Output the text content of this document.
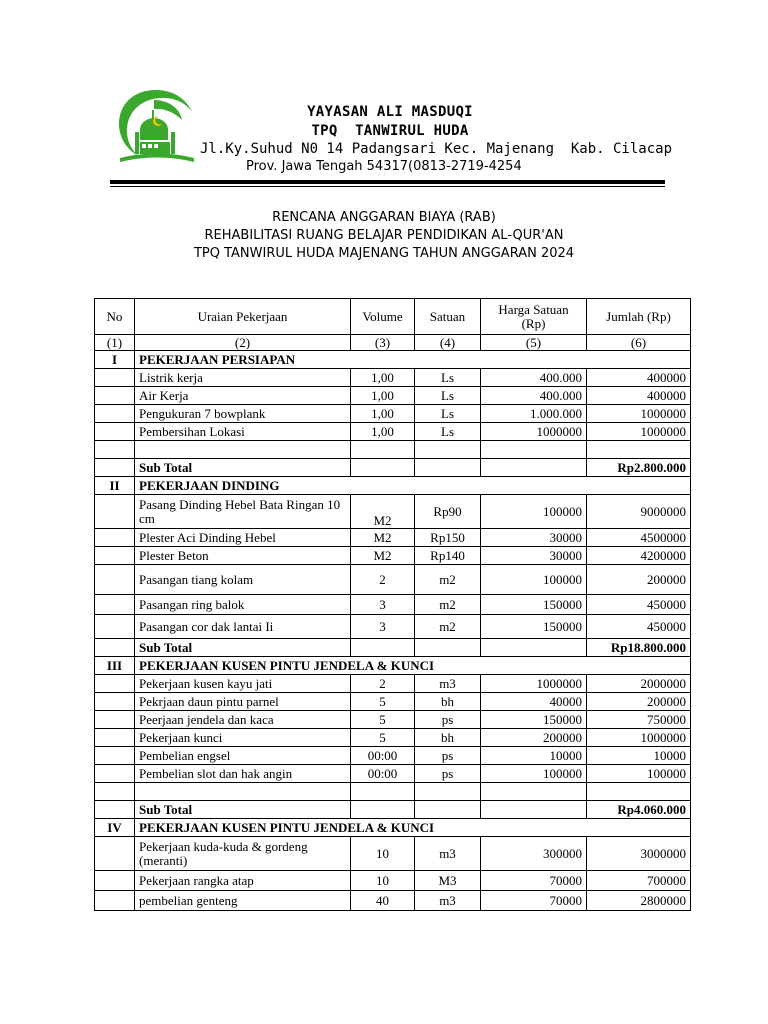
YAYASAN ALI MASDUQI
TPQ  TANWIRUL HUDA
Jl.Ky.Suhud N0 14 Padangsari Kec. Majenang  Kab. Cilacap
Prov. Jawa Tengah 54317(0813-2719-4254
RENCANA ANGGARAN BIAYA (RAB)
REHABILITASI RUANG BELAJAR PENDIDIKAN AL-QUR'AN
TPQ TANWIRUL HUDA MAJENANG TAHUN ANGGARAN 2024
No	Uraian Pekerjaan	Volume	Satuan	Harga Satuan (Rp)	Jumlah (Rp)
(1)	(2)	(3)	(4)	(5)	(6)
I	PEKERJAAN PERSIAPAN				
	Listrik kerja	1,00	Ls	400.000	400000
	Air Kerja	1,00	Ls	400.000	400000
	Pengukuran 7 bowplank	1,00	Ls	1.000.000	1000000
	Pembersihan Lokasi	1,00	Ls	1000000	1000000

	Sub Total				Rp2.800.000
II	PEKERJAAN DINDING				
	Pasang Dinding Hebel Bata Ringan 10 cm	M2	Rp90	100000	9000000
	Plester Aci Dinding Hebel	M2	Rp150	30000	4500000
	Plester Beton	M2	Rp140	30000	4200000
	Pasangan tiang kolam	2	m2	100000	200000
	Pasangan ring balok	3	m2	150000	450000
	Pasangan cor dak lantai Ii	3	m2	150000	450000
	Sub Total				Rp18.800.000
III	PEKERJAAN KUSEN PINTU JENDELA & KUNCI				
	Pekerjaan kusen kayu jati	2	m3	1000000	2000000
	Pekrjaan daun pintu parnel	5	bh	40000	200000
	Peerjaan jendela dan kaca	5	ps	150000	750000
	Pekerjaan kunci	5	bh	200000	1000000
	Pembelian engsel	00:00	ps	10000	10000
	Pembelian slot dan hak angin	00:00	ps	100000	100000

	Sub Total				Rp4.060.000
IV	PEKERJAAN KUSEN PINTU JENDELA & KUNCI				
	Pekerjaan kuda-kuda & gordeng (meranti)	10	m3	300000	3000000
	Pekerjaan rangka atap	10	M3	70000	700000
	pembelian genteng	40	m3	70000	2800000
